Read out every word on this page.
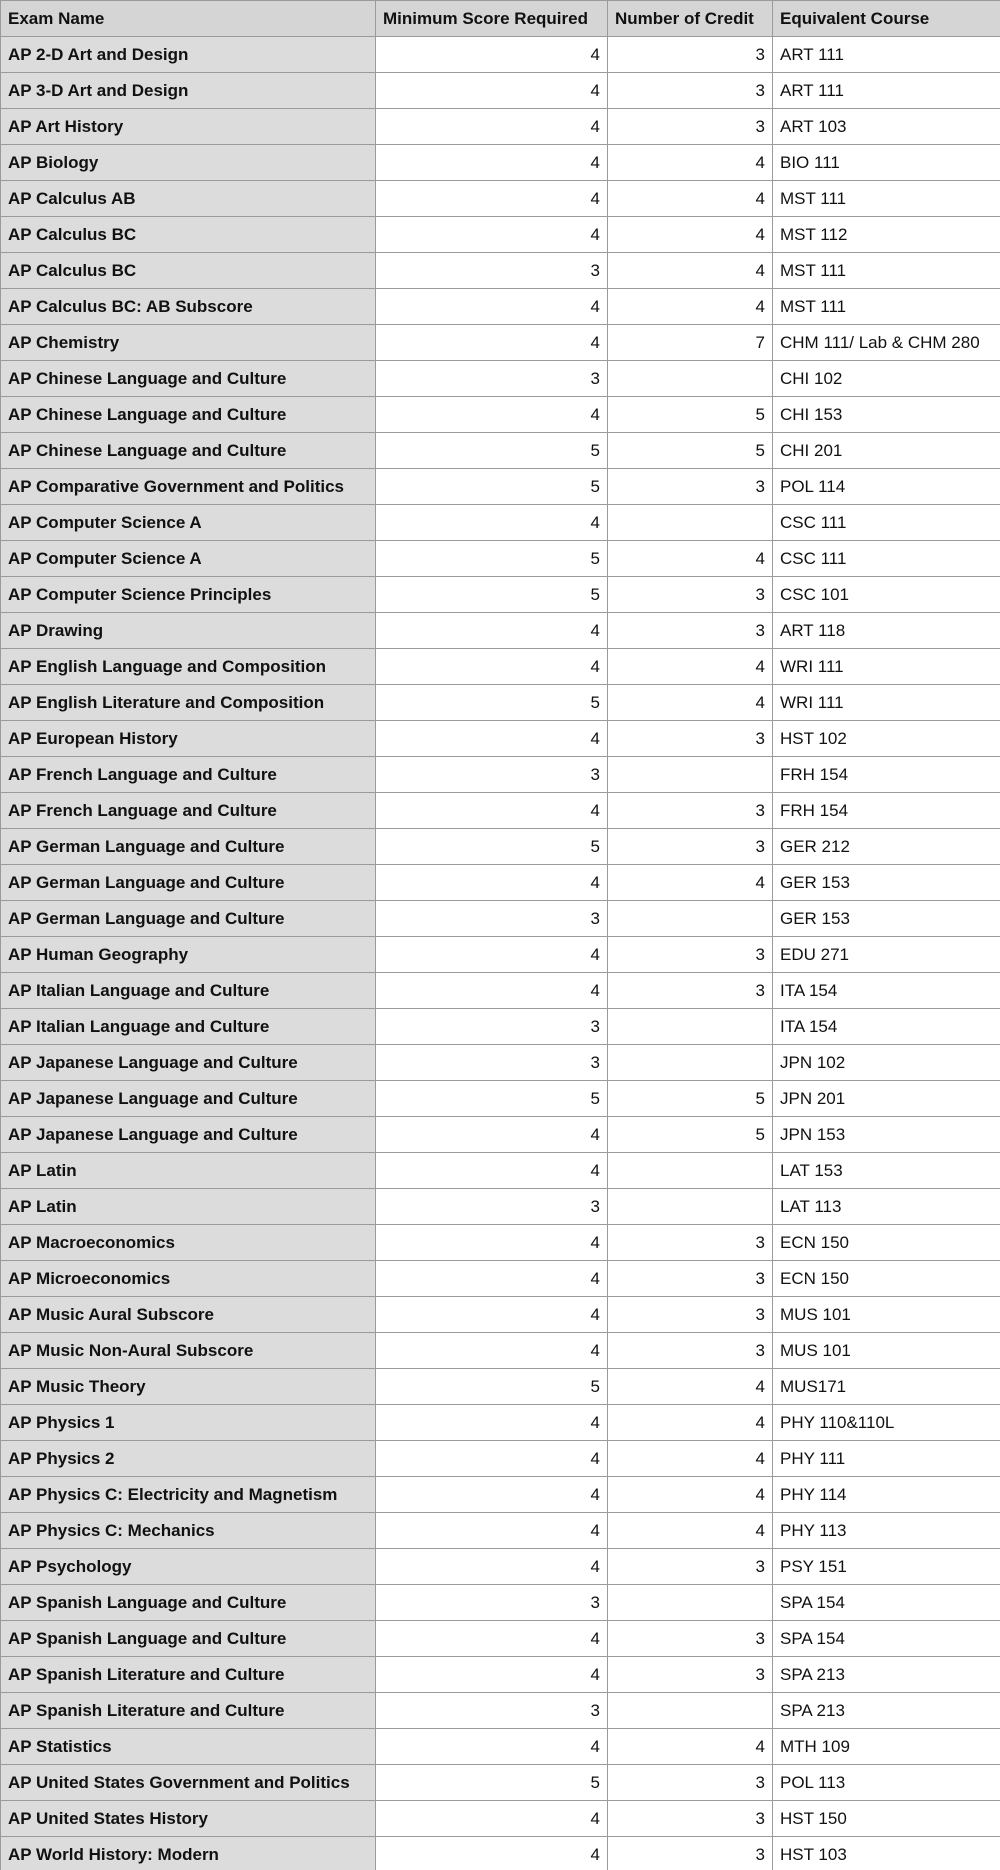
Exam Name	Minimum Score Required	Number of Credit	Equivalent Course
AP 2-D Art and Design	4	3	ART 111
AP 3-D Art and Design	4	3	ART 111
AP Art History	4	3	ART 103
AP Biology	4	4	BIO 111
AP Calculus AB	4	4	MST 111
AP Calculus BC	4	4	MST 112
AP Calculus BC	3	4	MST 111
AP Calculus BC: AB Subscore	4	4	MST 111
AP Chemistry	4	7	CHM 111/ Lab & CHM 280
AP Chinese Language and Culture	3		CHI 102
AP Chinese Language and Culture	4	5	CHI 153
AP Chinese Language and Culture	5	5	CHI 201
AP Comparative Government and Politics	5	3	POL 114
AP Computer Science A	4		CSC 111
AP Computer Science A	5	4	CSC 111
AP Computer Science Principles	5	3	CSC 101
AP Drawing	4	3	ART 118
AP English Language and Composition	4	4	WRI 111
AP English Literature and Composition	5	4	WRI 111
AP European History	4	3	HST 102
AP French Language and Culture	3		FRH 154
AP French Language and Culture	4	3	FRH 154
AP German Language and Culture	5	3	GER 212
AP German Language and Culture	4	4	GER 153
AP German Language and Culture	3		GER 153
AP Human Geography	4	3	EDU 271
AP Italian Language and Culture	4	3	ITA 154
AP Italian Language and Culture	3		ITA 154
AP Japanese Language and Culture	3		JPN 102
AP Japanese Language and Culture	5	5	JPN 201
AP Japanese Language and Culture	4	5	JPN 153
AP Latin	4		LAT 153
AP Latin	3		LAT 113
AP Macroeconomics	4	3	ECN 150
AP Microeconomics	4	3	ECN 150
AP Music Aural Subscore	4	3	MUS 101
AP Music Non-Aural Subscore	4	3	MUS 101
AP Music Theory	5	4	MUS171
AP Physics 1	4	4	PHY 110&110L
AP Physics 2	4	4	PHY 111
AP Physics C: Electricity and Magnetism	4	4	PHY 114
AP Physics C: Mechanics	4	4	PHY 113
AP Psychology	4	3	PSY 151
AP Spanish Language and Culture	3		SPA 154
AP Spanish Language and Culture	4	3	SPA 154
AP Spanish Literature and Culture	4	3	SPA 213
AP Spanish Literature and Culture	3		SPA 213
AP Statistics	4	4	MTH 109
AP United States Government and Politics	5	3	POL 113
AP United States History	4	3	HST 150
AP World History: Modern	4	3	HST 103
